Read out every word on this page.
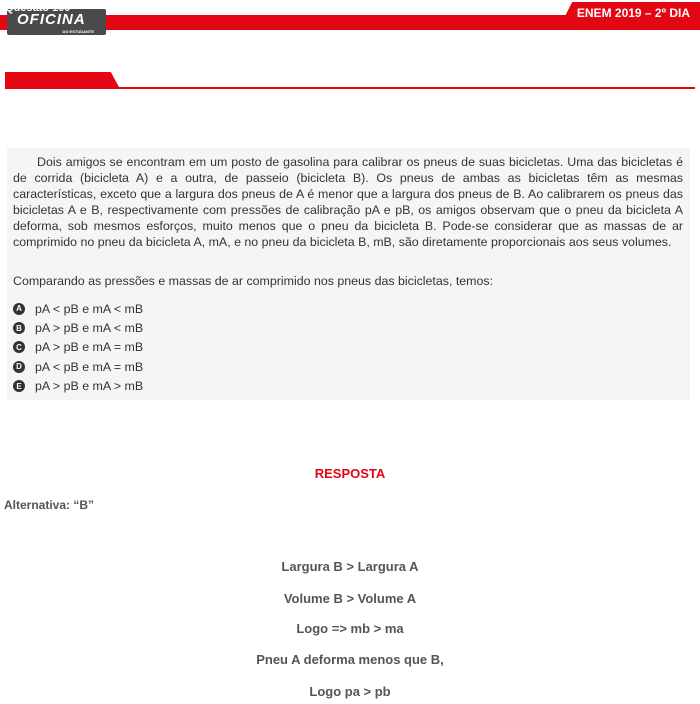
ENEM 2019 – 2º DIA
OFICINA
DO ESTUDANTE
Questão 100

Dois amigos se encontram em um posto de gasolina para calibrar os pneus de suas bicicletas. Uma das bicicletas é de corrida (bicicleta A) e a outra, de passeio (bicicleta B). Os pneus de ambas as bicicletas têm as mesmas características, exceto que a largura dos pneus de A é menor que a largura dos pneus de B. Ao calibrarem os pneus das bicicletas A e B, respectivamente com pressões de calibração pA e pB, os amigos observam que o pneu da bicicleta A deforma, sob mesmos esforços, muito menos que o pneu da bicicleta B. Pode-se considerar que as massas de ar comprimido no pneu da bicicleta A, mA, e no pneu da bicicleta B, mB, são diretamente proporcionais aos seus volumes.

Comparando as pressões e massas de ar comprimido nos pneus das bicicletas, temos:

A pA < pB e mA < mB
B pA > pB e mA < mB
C pA > pB e mA = mB
D pA < pB e mA = mB
E pA > pB e mA > mB
RESPOSTA
Alternativa: “B”
Largura B > Largura A
Volume B > Volume A
Logo => mb > ma
Pneu A deforma menos que B,
Logo pa > pb
